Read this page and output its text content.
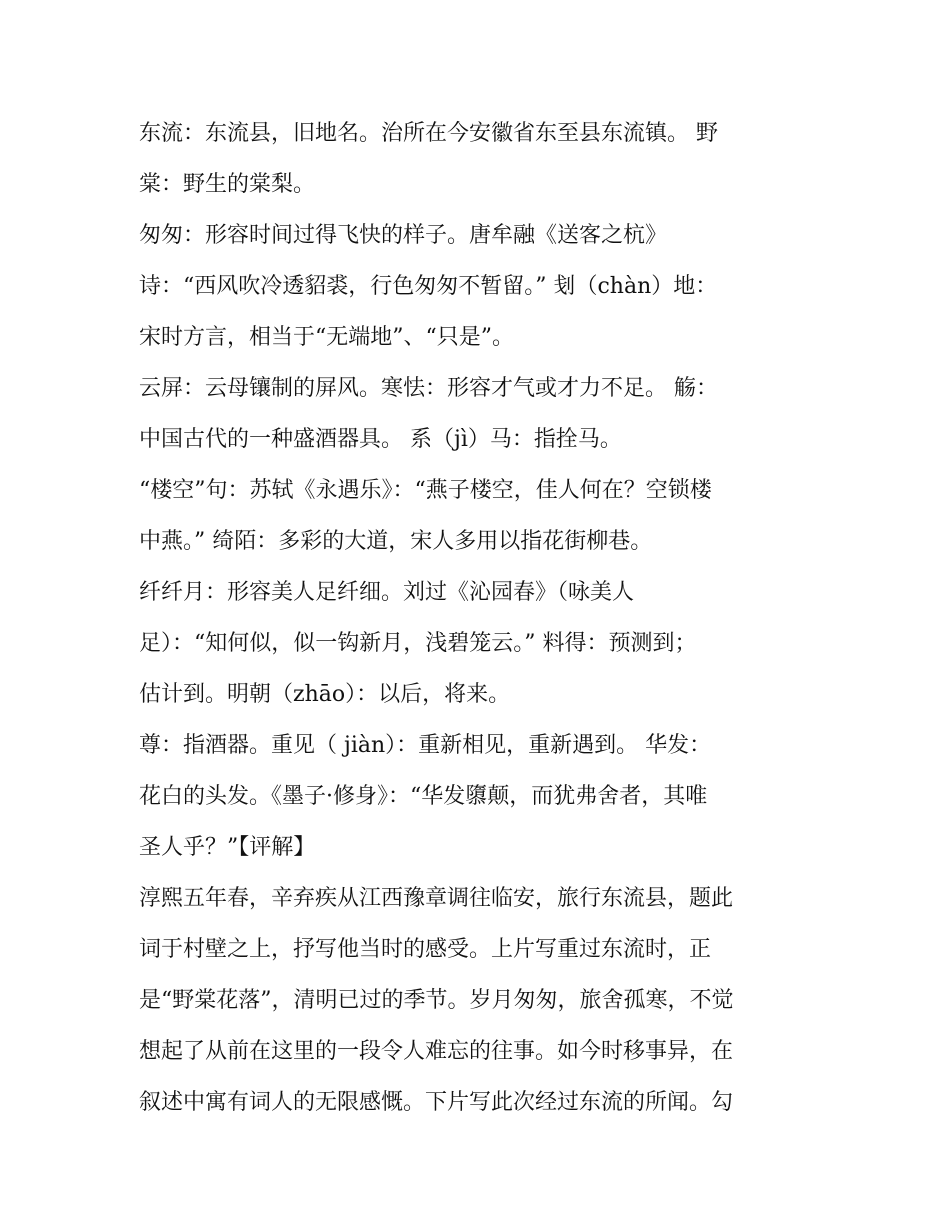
东流：东流县，旧地名。治所在今安徽省东至县东流镇。 野
棠：野生的棠梨。
匆匆：形容时间过得飞快的样子。唐牟融《送客之杭》
诗：“西风吹冷透貂裘，行色匆匆不暂留。” 刬（chàn）地：
宋时方言，相当于“无端地”、“只是”。
云屏：云母镶制的屏风。寒怯：形容才气或才力不足。 觞：
中国古代的一种盛酒器具。 系（jì）马：指拴马。
“楼空”句：苏轼《永遇乐》：“燕子楼空，佳人何在？空锁楼
中燕。” 绮陌：多彩的大道，宋人多用以指花街柳巷。
纤纤月：形容美人足纤细。刘过《沁园春》（咏美人
足）：“知何似，似一钩新月，浅碧笼云。” 料得：预测到；
估计到。明朝（zhāo）：以后，将来。
尊：指酒器。重见（ jiàn）：重新相见，重新遇到。 华发：
花白的头发。《墨子·修身》：“华发隳颠，而犹弗舍者，其唯
圣人乎？”【评解】
淳熙五年春，辛弃疾从江西豫章调往临安，旅行东流县，题此
词于村壁之上，抒写他当时的感受。上片写重过东流时，正
是“野棠花落”，清明已过的季节。岁月匆匆，旅舍孤寒，不觉
想起了从前在这里的一段令人难忘的往事。如今时移事异，在
叙述中寓有词人的无限感慨。下片写此次经过东流的所闻。勾
